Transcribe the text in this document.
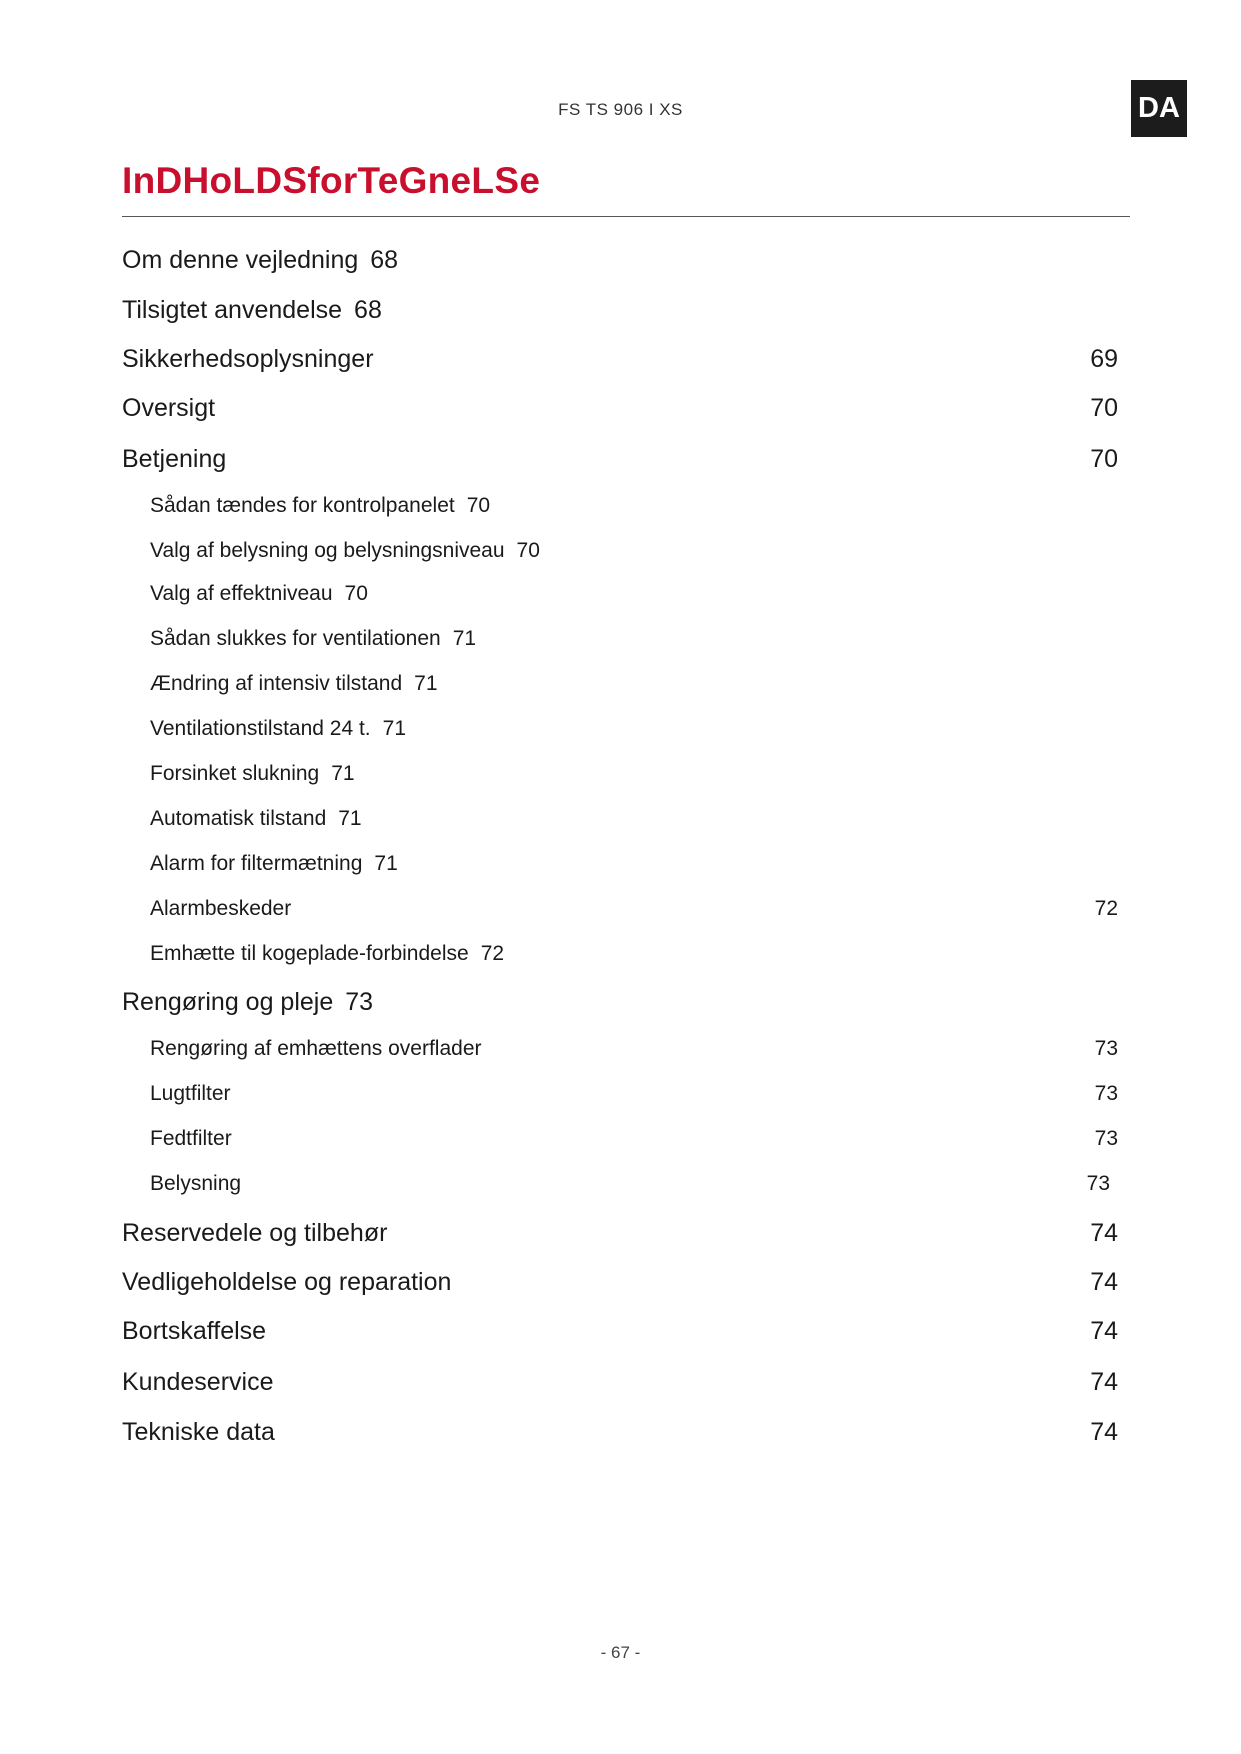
FS TS 906 I XS	DA
InDHoLDSforTeGneLSe
Om denne vejledning 68
Tilsigtet anvendelse 68
Sikkerhedsoplysninger	69
Oversigt	70
Betjening	70
Sådan tændes for kontrolpanelet 70
Valg af belysning og belysningsniveau 70
Valg af effektniveau 70
Sådan slukkes for ventilationen 71
Ændring af intensiv tilstand 71
Ventilationstilstand 24 t. 71
Forsinket slukning 71
Automatisk tilstand 71
Alarm for filtermætning 71
Alarmbeskeder	72
Emhætte til kogeplade-forbindelse 72
Rengøring og pleje 73
Rengøring af emhættens overflader	73
Lugtfilter	73
Fedtfilter	73
Belysning	73
Reservedele og tilbehør	74
Vedligeholdelse og reparation	74
Bortskaffelse	74
Kundeservice	74
Tekniske data	74
- 67 -
